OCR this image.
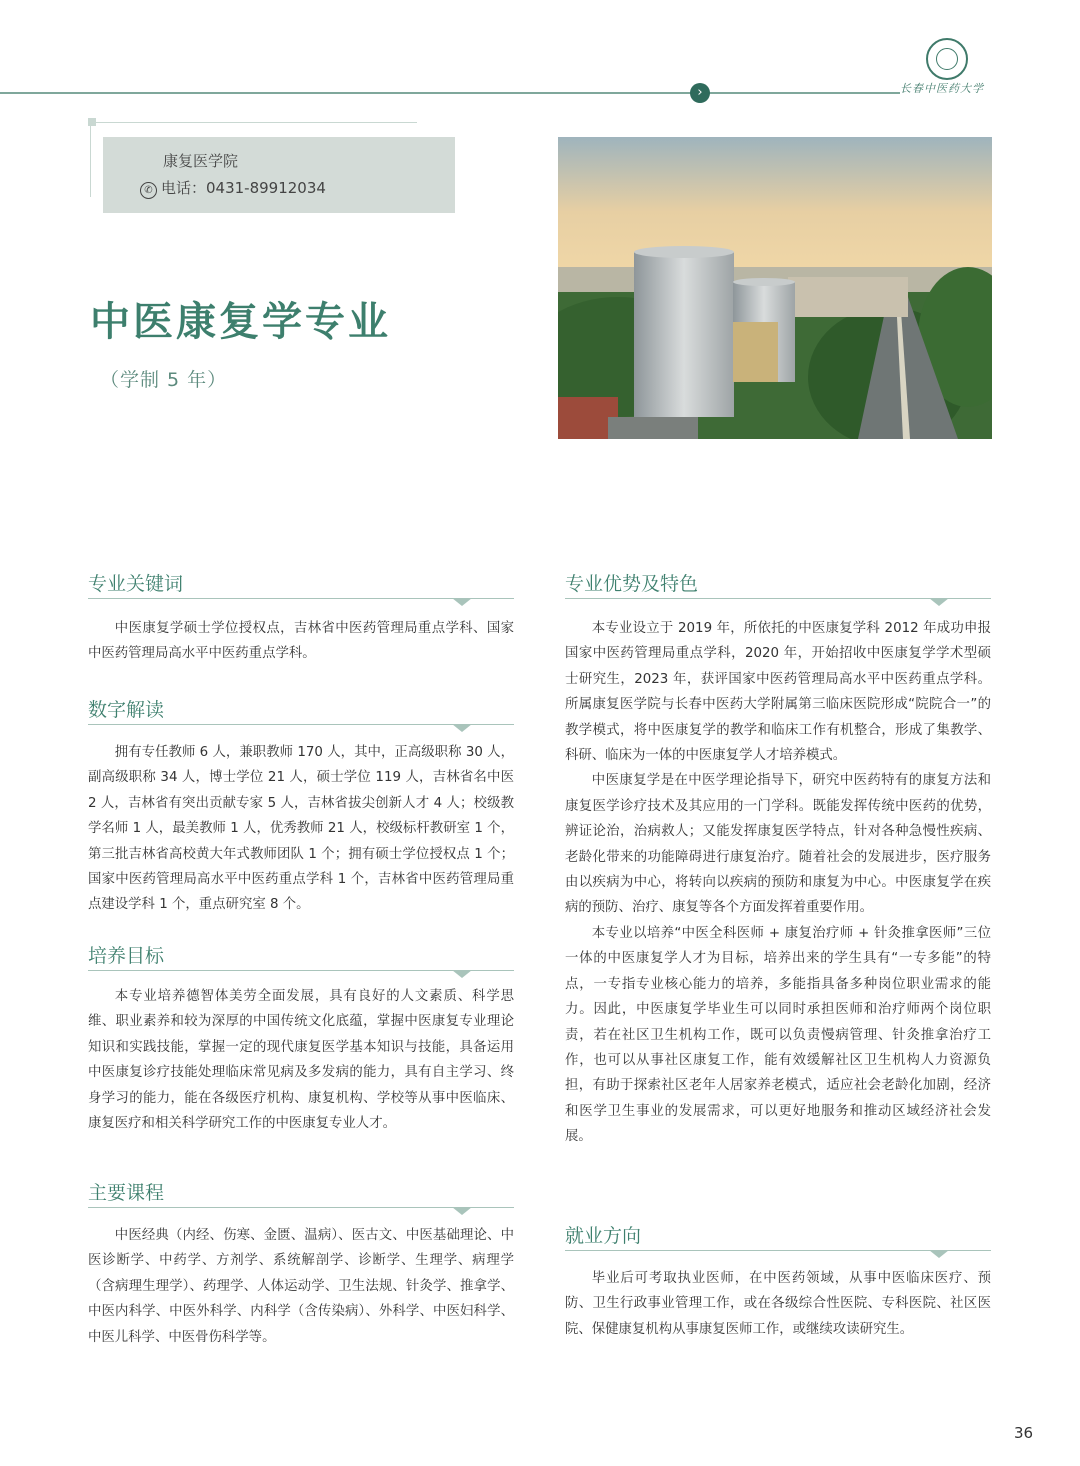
›	长春中医药大学
康复医学院
✆ 电话：0431-89912034
中医康复学专业
（学制 5 年）
专业关键词
中医康复学硕士学位授权点，吉林省中医药管理局重点学科、国家中医药管理局高水平中医药重点学科。
数字解读
拥有专任教师 6 人，兼职教师 170 人，其中，正高级职称 30 人，副高级职称 34 人，博士学位 21 人，硕士学位 119 人，吉林省名中医 2 人，吉林省有突出贡献专家 5 人，吉林省拔尖创新人才 4 人；校级教学名师 1 人，最美教师 1 人，优秀教师 21 人，校级标杆教研室 1 个，第三批吉林省高校黄大年式教师团队 1 个；拥有硕士学位授权点 1 个；国家中医药管理局高水平中医药重点学科 1 个，吉林省中医药管理局重点建设学科 1 个，重点研究室 8 个。
培养目标
本专业培养德智体美劳全面发展，具有良好的人文素质、科学思维、职业素养和较为深厚的中国传统文化底蕴，掌握中医康复专业理论知识和实践技能，掌握一定的现代康复医学基本知识与技能，具备运用中医康复诊疗技能处理临床常见病及多发病的能力，具有自主学习、终身学习的能力，能在各级医疗机构、康复机构、学校等从事中医临床、康复医疗和相关科学研究工作的中医康复专业人才。
主要课程
中医经典（内经、伤寒、金匮、温病）、医古文、中医基础理论、中医诊断学、中药学、方剂学、系统解剖学、诊断学、生理学、病理学（含病理生理学）、药理学、人体运动学、卫生法规、针灸学、推拿学、中医内科学、中医外科学、内科学（含传染病）、外科学、中医妇科学、中医儿科学、中医骨伤科学等。
专业优势及特色
本专业设立于 2019 年，所依托的中医康复学科 2012 年成功申报国家中医药管理局重点学科，2020 年，开始招收中医康复学学术型硕士研究生，2023 年，获评国家中医药管理局高水平中医药重点学科。所属康复医学院与长春中医药大学附属第三临床医院形成“院院合一”的教学模式，将中医康复学的教学和临床工作有机整合，形成了集教学、科研、临床为一体的中医康复学人才培养模式。
中医康复学是在中医学理论指导下，研究中医药特有的康复方法和康复医学诊疗技术及其应用的一门学科。既能发挥传统中医药的优势，辨证论治，治病救人；又能发挥康复医学特点，针对各种急慢性疾病、老龄化带来的功能障碍进行康复治疗。随着社会的发展进步，医疗服务由以疾病为中心，将转向以疾病的预防和康复为中心。中医康复学在疾病的预防、治疗、康复等各个方面发挥着重要作用。
本专业以培养“中医全科医师 + 康复治疗师 + 针灸推拿医师”三位一体的中医康复学人才为目标，培养出来的学生具有“一专多能”的特点，一专指专业核心能力的培养，多能指具备多种岗位职业需求的能力。因此，中医康复学毕业生可以同时承担医师和治疗师两个岗位职责，若在社区卫生机构工作，既可以负责慢病管理、针灸推拿治疗工作，也可以从事社区康复工作，能有效缓解社区卫生机构人力资源负担，有助于探索社区老年人居家养老模式，适应社会老龄化加剧，经济和医学卫生事业的发展需求，可以更好地服务和推动区域经济社会发展。
就业方向
毕业后可考取执业医师，在中医药领域，从事中医临床医疗、预防、卫生行政事业管理工作，或在各级综合性医院、专科医院、社区医院、保健康复机构从事康复医师工作，或继续攻读研究生。
36
